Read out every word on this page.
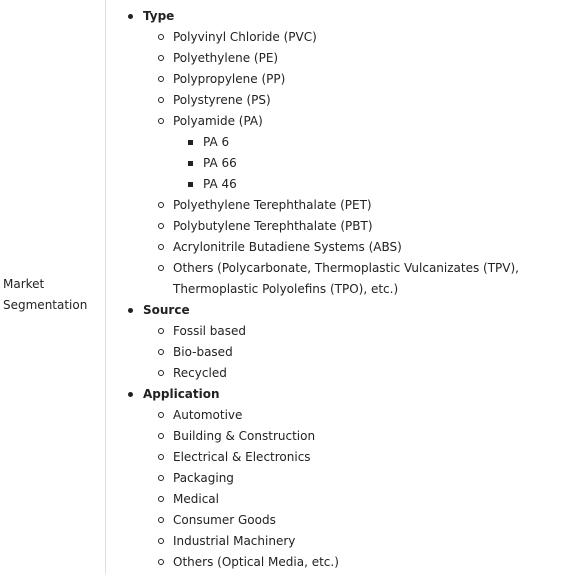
Market Segmentation
Type
Polyvinyl Chloride (PVC)
Polyethylene (PE)
Polypropylene (PP)
Polystyrene (PS)
Polyamide (PA)
PA 6
PA 66
PA 46
Polyethylene Terephthalate (PET)
Polybutylene Terephthalate (PBT)
Acrylonitrile Butadiene Systems (ABS)
Others (Polycarbonate, Thermoplastic Vulcanizates (TPV), Thermoplastic Polyolefins (TPO), etc.)
Source
Fossil based
Bio-based
Recycled
Application
Automotive
Building & Construction
Electrical & Electronics
Packaging
Medical
Consumer Goods
Industrial Machinery
Others (Optical Media, etc.)
